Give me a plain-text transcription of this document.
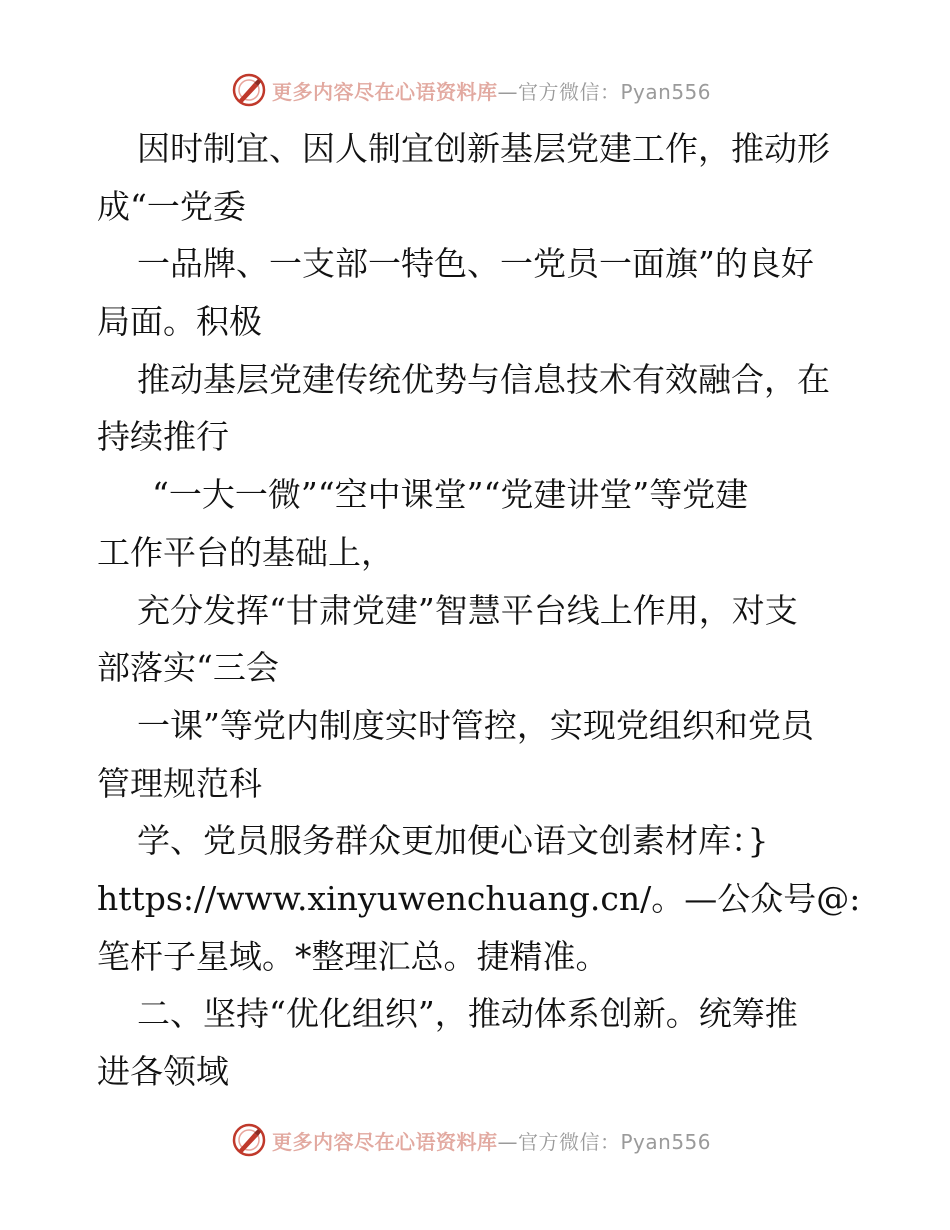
更多内容尽在心语资料库 —官方微信：Pyan556
因时制宜、因人制宜创新基层党建工作，推动形
成“一党委
一品牌、一支部一特色、一党员一面旗”的良好
局面。积极
推动基层党建传统优势与信息技术有效融合，在
持续推行
“一大一微”“空中课堂”“党建讲堂”等党建
工作平台的基础上，
充分发挥“甘肃党建”智慧平台线上作用，对支
部落实“三会
一课”等党内制度实时管控，实现党组织和党员
管理规范科
学、党员服务群众更加便心语文创素材库：}
https://www.xinyuwenchuang.cn/。—公众号@:
笔杆子星域。*整理汇总。捷精准。
二、坚持“优化组织”，推动体系创新。统筹推
进各领域
更多内容尽在心语资料库 —官方微信：Pyan556
